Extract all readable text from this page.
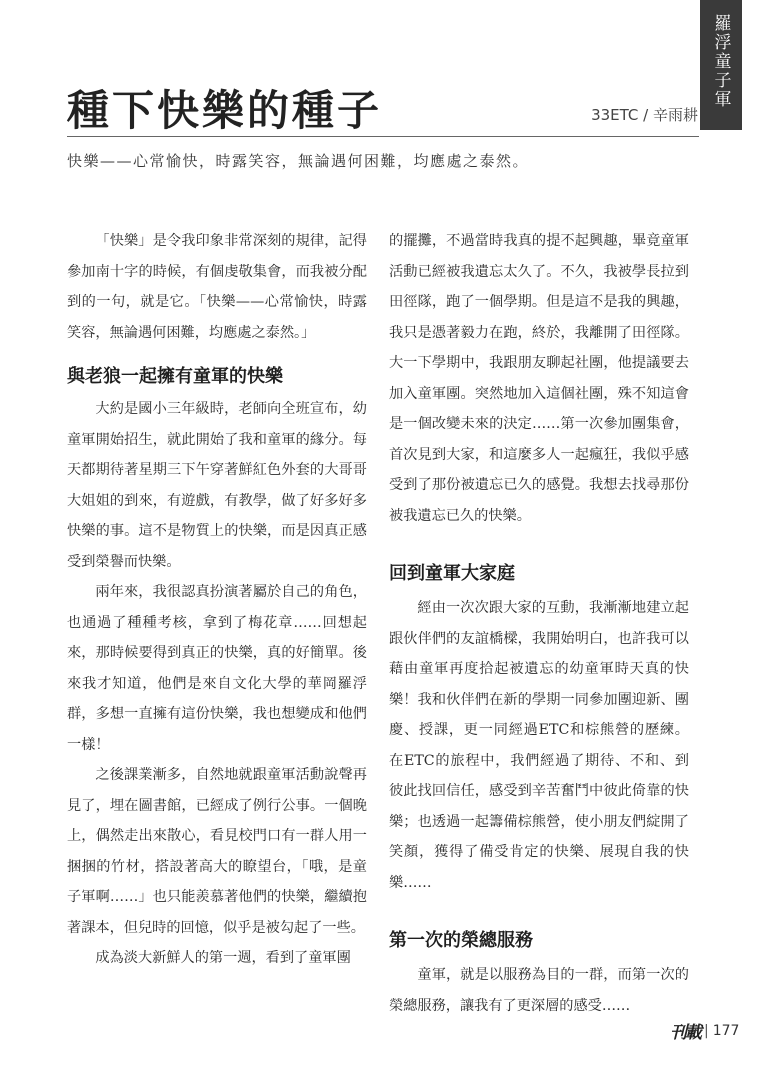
羅浮童子軍
種下快樂的種子	33ETC / 辛雨耕

快樂——心常愉快，時露笑容，無論遇何困難，均應處之泰然。

「快樂」是令我印象非常深刻的規律，記得參加南十字的時候，有個虔敬集會，而我被分配到的一句，就是它。「快樂——心常愉快，時露笑容，無論遇何困難，均應處之泰然。」

與老狼一起擁有童軍的快樂

大約是國小三年級時，老師向全班宣布，幼童軍開始招生，就此開始了我和童軍的緣分。每天都期待著星期三下午穿著鮮紅色外套的大哥哥大姐姐的到來，有遊戲，有教學，做了好多好多快樂的事。這不是物質上的快樂，而是因真正感受到榮譽而快樂。

兩年來，我很認真扮演著屬於自己的角色，也通過了種種考核，拿到了梅花章……回想起來，那時候要得到真正的快樂，真的好簡單。後來我才知道，他們是來自文化大學的華岡羅浮群，多想一直擁有這份快樂，我也想變成和他們一樣！

之後課業漸多，自然地就跟童軍活動說聲再見了，埋在圖書館，已經成了例行公事。一個晚上，偶然走出來散心，看見校門口有一群人用一捆捆的竹材，搭設著高大的瞭望台，「哦，是童子軍啊……」也只能羨慕著他們的快樂，繼續抱著課本，但兒時的回憶，似乎是被勾起了一些。

成為淡大新鮮人的第一週，看到了童軍團

的擺攤，不過當時我真的提不起興趣，畢竟童軍活動已經被我遺忘太久了。不久，我被學長拉到田徑隊，跑了一個學期。但是這不是我的興趣，我只是憑著毅力在跑，終於，我離開了田徑隊。大一下學期中，我跟朋友聊起社團，他提議要去加入童軍團。突然地加入這個社團，殊不知這會是一個改變未來的決定……第一次參加團集會，首次見到大家，和這麼多人一起瘋狂，我似乎感受到了那份被遺忘已久的感覺。我想去找尋那份被我遺忘已久的快樂。

回到童軍大家庭

經由一次次跟大家的互動，我漸漸地建立起跟伙伴們的友誼橋樑，我開始明白，也許我可以藉由童軍再度拾起被遺忘的幼童軍時天真的快樂！我和伙伴們在新的學期一同參加團迎新、團慶、授課，更一同經過ETC和棕熊營的歷練。在ETC的旅程中，我們經過了期待、不和、到彼此找回信任，感受到辛苦奮鬥中彼此倚靠的快樂；也透過一起籌備棕熊營，使小朋友們綻開了笑顏，獲得了備受肯定的快樂、展現自我的快樂……

第一次的榮總服務

童軍，就是以服務為目的一群，而第一次的榮總服務，讓我有了更深層的感受……

刊載 | 177
